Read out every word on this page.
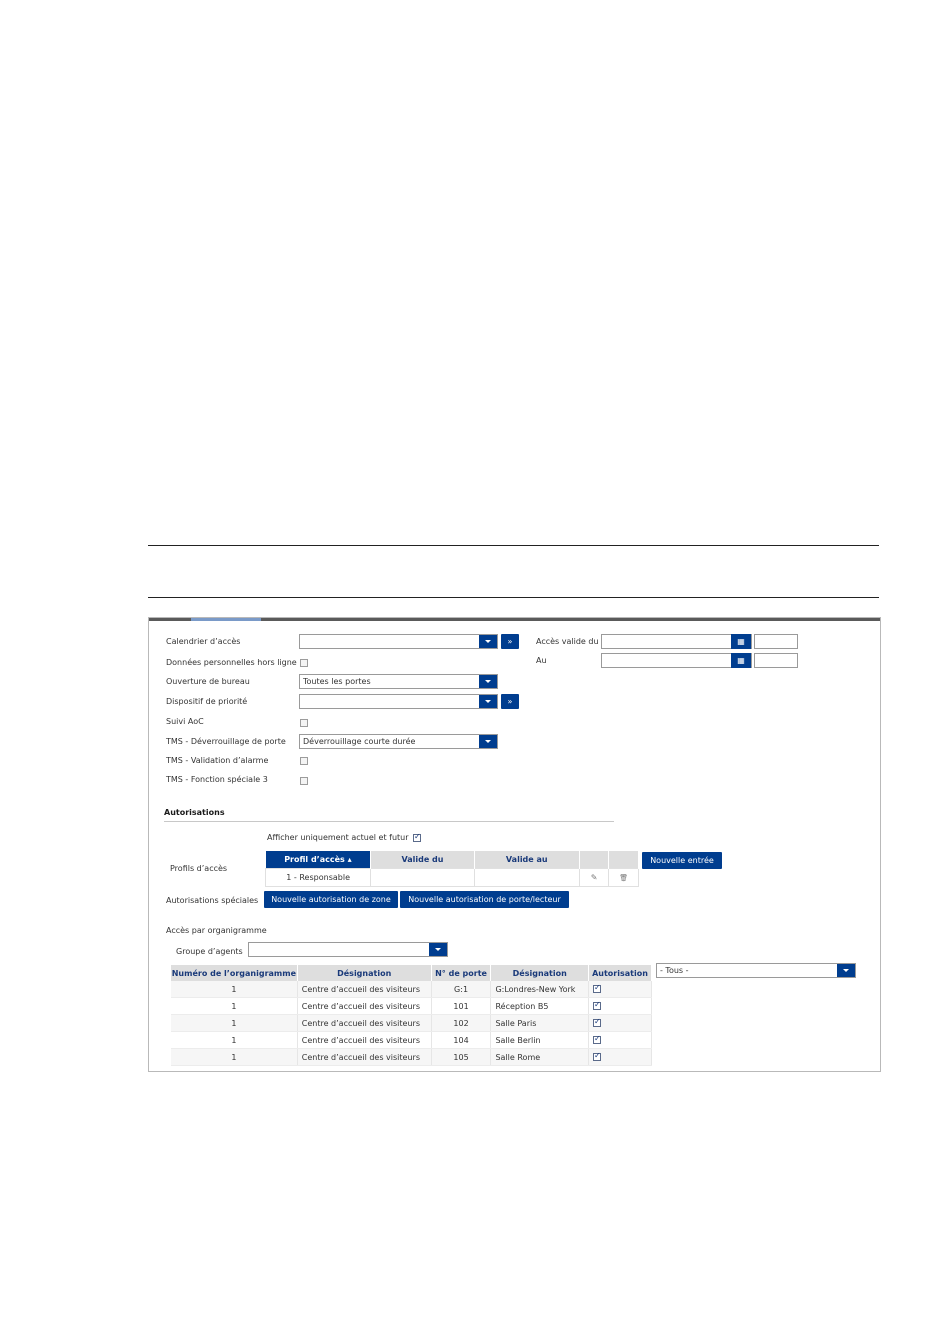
Calendrier d’accès	»
Données personnelles hors ligne
Ouverture de bureau	Toutes les portes
Dispositif de priorité	»
Suivi AoC
TMS - Déverrouillage de porte	Déverrouillage courte durée
TMS - Validation d’alarme
TMS - Fonction spéciale 3
Accès valide du	▦
Au	▦
Autorisations
Afficher uniquement actuel et futur
✓
Profils d’accès
Profil d’accès ▴	Valide du	Valide au		
1 - Responsable			✎	🗑
Nouvelle entrée
Autorisations spéciales	Nouvelle autorisation de zone	Nouvelle autorisation de porte/lecteur
Accès par organigramme
Groupe d’agents
Numéro de l’organigramme	Désignation	N° de porte	Désignation	Autorisation
1	Centre d’accueil des visiteurs	G:1	G:Londres-New York	✓
1	Centre d’accueil des visiteurs	101	Réception B5	✓
1	Centre d’accueil des visiteurs	102	Salle Paris	✓
1	Centre d’accueil des visiteurs	104	Salle Berlin	✓
1	Centre d’accueil des visiteurs	105	Salle Rome	✓
- Tous -
